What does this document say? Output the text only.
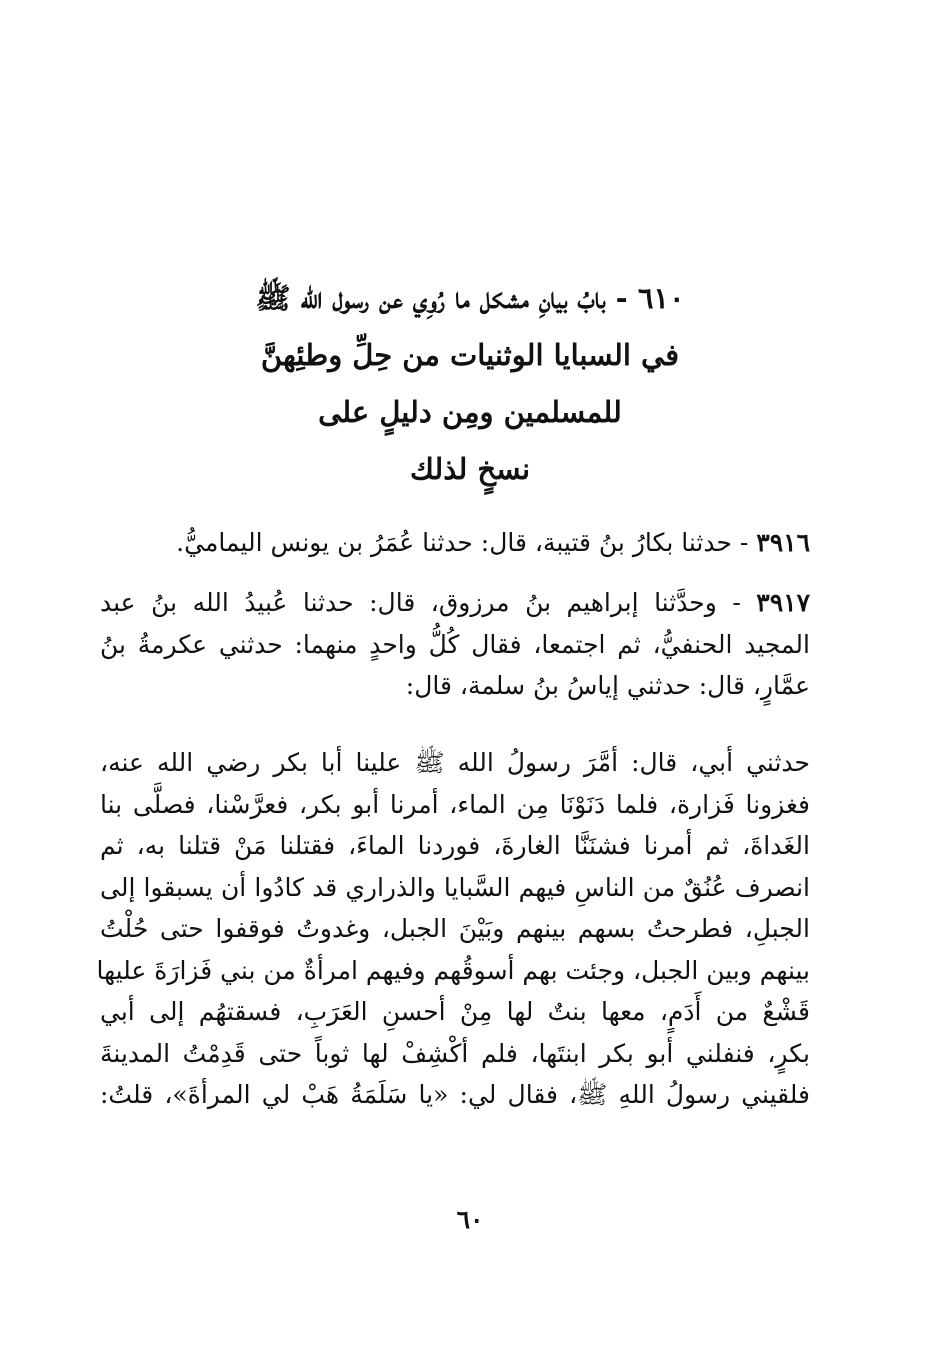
٦١٠ - بابُ بيانِ مشكل ما رُوِي عن رسول الله ﷺ
في السبايا الوثنيات من حِلِّ وطئِهنَّ
للمسلمين ومِن دليلٍ على
نسخٍ لذلك
٣٩١٦ - حدثنا بكارُ بنُ قتيبة، قال: حدثنا عُمَرُ بن يونس اليماميُّ.
٣٩١٧ - وحدَّثنا إبراهيم بنُ مرزوق، قال: حدثنا عُبيدُ الله بنُ عبد
المجيد الحنفيُّ، ثم اجتمعا، فقال كُلُّ واحدٍ منهما: حدثني عكرمةُ بنُ
عمَّارٍ، قال: حدثني إياسُ بنُ سلمة، قال:
حدثني أبي، قال: أمَّرَ رسولُ الله ﷺ علينا أبا بكر رضي الله عنه،
فغزونا فَزارة، فلما دَنَوْنَا مِن الماء، أمرنا أبو بكر، فعرَّسْنا، فصلَّى بنا
الغَداةَ، ثم أمرنا فشنَنَّا الغارةَ، فوردنا الماءَ، فقتلنا مَنْ قتلنا به، ثم
انصرف عُنُقٌ من الناسِ فيهم السَّبايا والذراري قد كادُوا أن يسبقوا إلى
الجبلِ، فطرحتُ بسهم بينهم وبَيْنَ الجبل، وغدوتُ فوقفوا حتى حُلْتُ
بينهم وبين الجبل، وجئت بهم أسوقُهم وفيهم امرأةٌ من بني فَزارَةَ عليها
قَشْعٌ من أَدَمٍ، معها بنتٌ لها مِنْ أحسنِ العَرَبِ، فسقتهُم إلى أبي
بكرٍ، فنفلني أبو بكر ابنتَها، فلم أكْشِفْ لها ثوباً حتى قَدِمْتُ المدينةَ
فلقيني رسولُ اللهِ ﷺ، فقال لي: «يا سَلَمَةُ هَبْ لي المرأةَ»، قلتُ:
٦٠
